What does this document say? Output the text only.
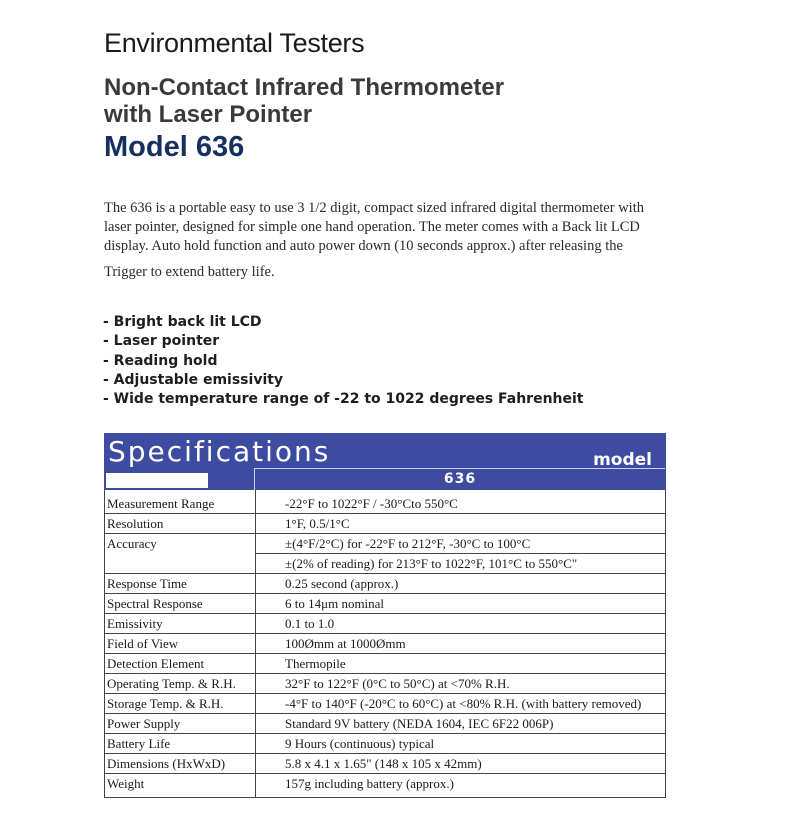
Environmental Testers
Non-Contact Infrared Thermometer
with Laser Pointer
Model 636
The 636 is a portable easy to use 3 1/2 digit, compact sized infrared digital thermometer with
laser pointer, designed for simple one hand operation. The meter comes with a Back lit LCD
display. Auto hold function and auto power down (10 seconds approx.) after releasing the
Trigger to extend battery life.
- Bright back lit LCD
- Laser pointer
- Reading hold
- Adjustable emissivity
- Wide temperature range of -22 to 1022 degrees Fahrenheit
Specifications	model
636
Measurement Range	-22°F to 1022°F / -30°Cto 550°C
Resolution	1°F, 0.5/1°C
Accuracy	±(4°F/2°C) for -22°F to 212°F, -30°C to 100°C
±(2% of reading) for 213°F to 1022°F, 101°C to 550°C"
Response Time	0.25 second (approx.)
Spectral Response	6 to 14μm nominal
Emissivity	0.1 to 1.0
Field of View	100Ømm at 1000Ømm
Detection Element	Thermopile
Operating Temp. & R.H.	32°F to 122°F (0°C to 50°C) at <70% R.H.
Storage Temp. & R.H.	-4°F to 140°F (-20°C to 60°C) at <80% R.H. (with battery removed)
Power Supply	Standard 9V battery (NEDA 1604, IEC 6F22 006P)
Battery Life	9 Hours (continuous) typical
Dimensions (HxWxD)	5.8 x 4.1 x 1.65" (148 x 105 x 42mm)
Weight	157g including battery (approx.)
